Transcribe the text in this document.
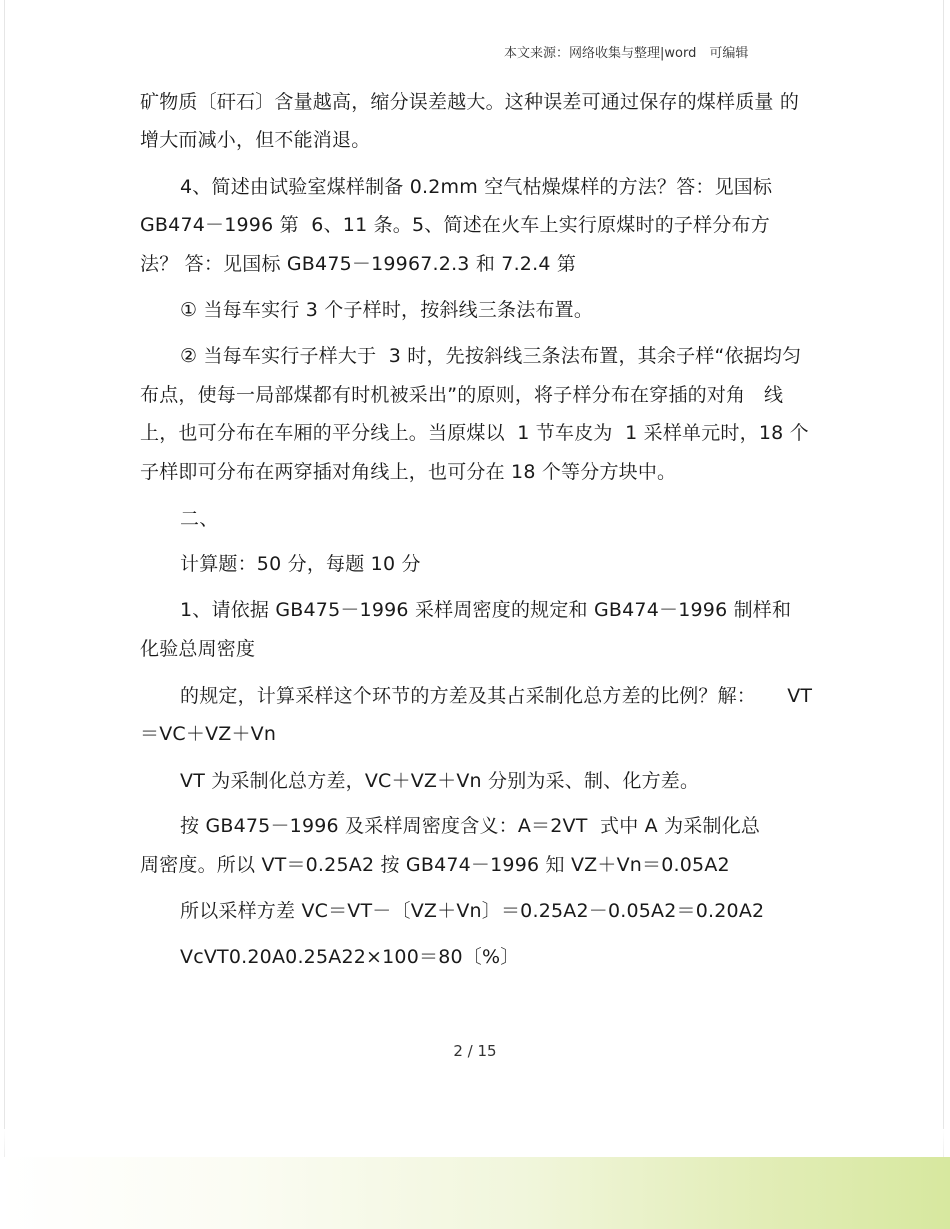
本文来源：网络收集与整理|word　可编辑
矿物质〔矸石〕含量越高，缩分误差越大。这种误差可通过保存的煤样质量 的
增大而减小，但不能消退。
4、简述由试验室煤样制备 0.2mm 空气枯燥煤样的方法？答：见国标
GB474－1996 第  6、11 条。5、简述在火车上实行原煤时的子样分布方
法？ 答：见国标 GB475－19967.2.3 和 7.2.4 第
① 当每车实行 3 个子样时，按斜线三条法布置。
② 当每车实行子样大于  3 时，先按斜线三条法布置，其余子样“依据均匀
布点，使每一局部煤都有时机被采出”的原则，将子样分布在穿插的对角   线
上，也可分布在车厢的平分线上。当原煤以  1 节车皮为  1 采样单元时，18 个
子样即可分布在两穿插对角线上，也可分在 18 个等分方块中。
二、
计算题：50 分，每题 10 分
1、请依据 GB475－1996 采样周密度的规定和 GB474－1996 制样和
化验总周密度
的规定，计算采样这个环节的方差及其占采制化总方差的比例？解：     VT
＝VC＋VZ＋Vn
VT 为采制化总方差，VC＋VZ＋Vn 分别为采、制、化方差。
按 GB475－1996 及采样周密度含义：A＝2VT  式中 A 为采制化总
周密度。所以 VT＝0.25A2 按 GB474－1996 知 VZ＋Vn＝0.05A2
所以采样方差 VC＝VT－〔VZ＋Vn〕＝0.25A2－0.05A2＝0.20A2
VcVT0.20A0.25A22×100＝80〔%〕
2 / 15
